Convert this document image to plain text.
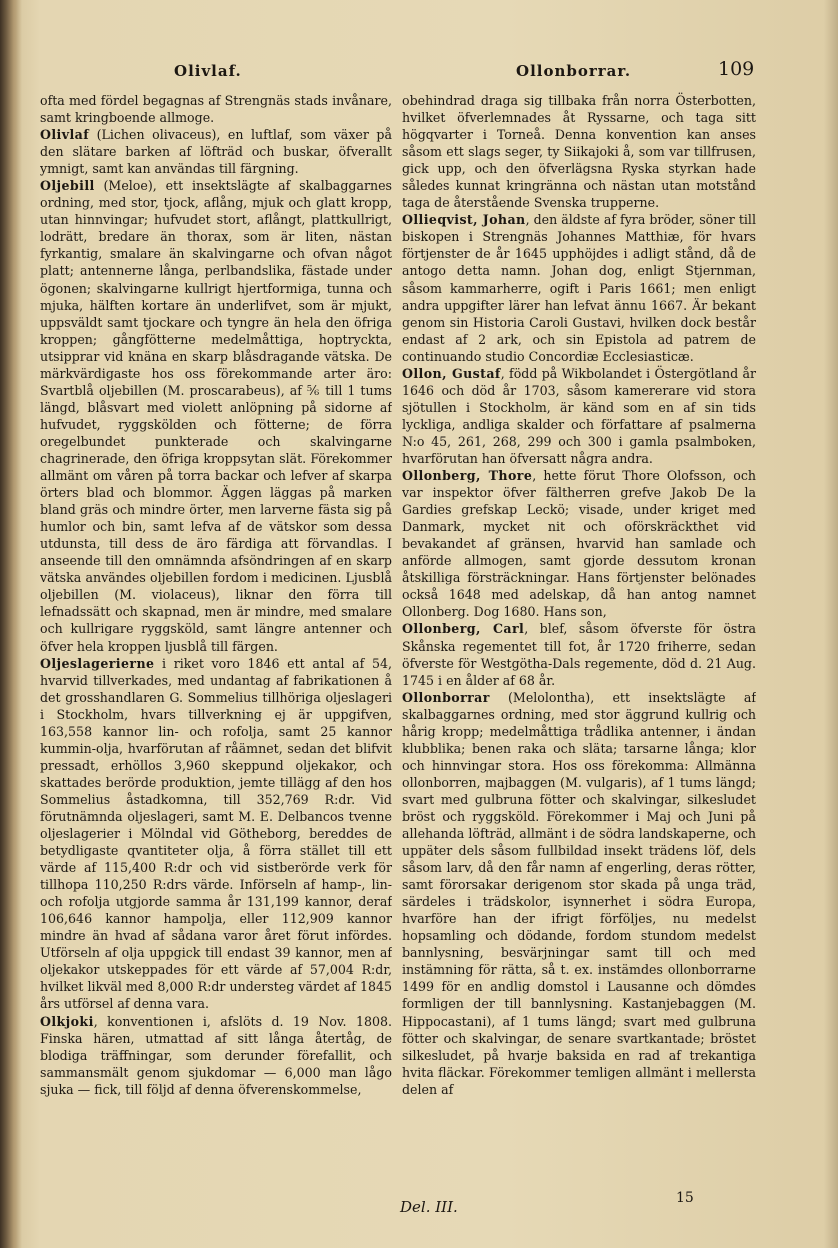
Olivlaf.	Ollonborrar.	109

ofta med fördel begagnas af Strengnäs stads invånare, samt kringboende allmoge.

Olivlaf (Lichen olivaceus), en luftlaf, som växer på den slätare barken af löfträd och buskar, öfverallt ymnigt, samt kan användas till färgning.

Oljebill (Meloe), ett insektslägte af skalbaggarnes ordning, med stor, tjock, aflång, mjuk och glatt kropp, utan hinnvingar; hufvudet stort, aflångt, plattkullrigt, lodrätt, bredare än thorax, som är liten, nästan fyrkantig, smalare än skalvingarne och ofvan något platt; antennerne långa, perlbandslika, fästade under ögonen; skalvingarne kullrigt hjertformiga, tunna och mjuka, hälften kortare än underlifvet, som är mjukt, uppsväldt samt tjockare och tyngre än hela den öfriga kroppen; gångfötterne medelmåttiga, hoptryckta, utsipprar vid knäna en skarp blåsdragande vätska. De märkvärdigaste hos oss förekommande arter äro: Svartblå oljebillen (M. proscarabeus), af ⅚ till 1 tums längd, blåsvart med violett anlöpning på sidorne af hufvudet, ryggskölden och fötterne; de förra oregelbundet punkterade och skalvingarne chagrinerade, den öfriga kroppsytan slät. Förekommer allmänt om våren på torra backar och lefver af skarpa örters blad och blommor. Äggen läggas på marken bland gräs och mindre örter, men larverne fästa sig på humlor och bin, samt lefva af de vätskor som dessa utdunsta, till dess de äro färdiga att förvandlas. I anseende till den omnämnda afsöndringen af en skarp vätska användes oljebillen fordom i medicinen. Ljusblå oljebillen (M. violaceus), liknar den förra till lefnadssätt och skapnad, men är mindre, med smalare och kullrigare ryggsköld, samt längre antenner och öfver hela kroppen ljusblå till färgen.

Oljeslagerierne i riket voro 1846 ett antal af 54, hvarvid tillverkades, med undantag af fabrikationen å det grosshandlaren G. Sommelius tillhöriga oljeslageri i Stockholm, hvars tillverkning ej är uppgifven, 163,558 kannor lin- och rofolja, samt 25 kannor kummin-olja, hvarförutan af råämnet, sedan det blifvit pressadt, erhöllos 3,960 skeppund oljekakor, och skattades berörde produktion, jemte tillägg af den hos Sommelius åstadkomna, till 352,769 R:dr. Vid förutnämnda oljeslageri, samt M. E. Delbancos tvenne oljeslagerier i Mölndal vid Götheborg, bereddes de betydligaste qvantiteter olja, å förra stället till ett värde af 115,400 R:dr och vid sistberörde verk för tillhopa 110,250 R:drs värde. Införseln af hamp-, lin- och rofolja utgjorde samma år 131,199 kannor, deraf 106,646 kannor hampolja, eller 112,909 kannor mindre än hvad af sådana varor året förut infördes. Utförseln af olja uppgick till endast 39 kannor, men af oljekakor utskeppades för ett värde af 57,004 R:dr, hvilket likväl med 8,000 R:dr understeg värdet af 1845 års utförsel af denna vara.

Olkjoki, konventionen i, afslöts d. 19 Nov. 1808. Finska hären, utmattad af sitt långa återtåg, de blodiga träffningar, som derunder förefallit, och sammansmält genom sjukdomar — 6,000 man lågo sjuka — fick, till följd af denna öfverenskommelse,

obehindrad draga sig tillbaka från norra Österbotten, hvilket öfverlemnades åt Ryssarne, och taga sitt högqvarter i Torneå. Denna konvention kan anses såsom ett slags seger, ty Siikajoki å, som var tillfrusen, gick upp, och den öfverlägsna Ryska styrkan hade således kunnat kringränna och nästan utan motstånd taga de återstående Svenska trupperne.

Ollieqvist, Johan, den äldste af fyra bröder, söner till biskopen i Strengnäs Johannes Matthiæ, för hvars förtjenster de år 1645 upphöjdes i adligt stånd, då de antogo detta namn. Johan dog, enligt Stjernman, såsom kammarherre, ogift i Paris 1661; men enligt andra uppgifter lärer han lefvat ännu 1667. Är bekant genom sin Historia Caroli Gustavi, hvilken dock består endast af 2 ark, och sin Epistola ad patrem de continuando studio Concordiæ Ecclesiasticæ.

Ollon, Gustaf, född på Wikbolandet i Östergötland år 1646 och död år 1703, såsom kamererare vid stora sjötullen i Stockholm, är känd som en af sin tids lyckliga, andliga skalder och författare af psalmerna N:o 45, 261, 268, 299 och 300 i gamla psalmboken, hvarförutan han öfversatt några andra.

Ollonberg, Thore, hette förut Thore Olofsson, och var inspektor öfver fältherren grefve Jakob De la Gardies grefskap Leckö; visade, under kriget med Danmark, mycket nit och oförskräckthet vid bevakandet af gränsen, hvarvid han samlade och anförde allmogen, samt gjorde dessutom kronan åtskilliga försträckningar. Hans förtjenster belönades också 1648 med adelskap, då han antog namnet Ollonberg. Dog 1680. Hans son,

Ollonberg, Carl, blef, såsom öfverste för östra Skånska regementet till fot, år 1720 friherre, sedan öfverste för Westgötha-Dals regemente, död d. 21 Aug. 1745 i en ålder af 68 år.

Ollonborrar (Melolontha), ett insektslägte af skalbaggarnes ordning, med stor äggrund kullrig och hårig kropp; medelmåttiga trådlika antenner, i ändan klubblika; benen raka och släta; tarsarne långa; klor och hinnvingar stora. Hos oss förekomma: Allmänna ollonborren, majbaggen (M. vulgaris), af 1 tums längd; svart med gulbruna fötter och skalvingar, silkesludet bröst och ryggsköld. Förekommer i Maj och Juni på allehanda löfträd, allmänt i de södra landskaperne, och uppäter dels såsom fullbildad insekt trädens löf, dels såsom larv, då den får namn af engerling, deras rötter, samt förorsakar derigenom stor skada på unga träd, särdeles i trädskolor, isynnerhet i södra Europa, hvarföre han der ifrigt förföljes, nu medelst hopsamling och dödande, fordom stundom medelst bannlysning, besvärjningar samt till och med instämning för rätta, så t. ex. instämdes ollonborrarne 1499 för en andlig domstol i Lausanne och dömdes formligen der till bannlysning. Kastanjebaggen (M. Hippocastani), af 1 tums längd; svart med gulbruna fötter och skalvingar, de senare svartkantade; bröstet silkesludet, på hvarje baksida en rad af trekantiga hvita fläckar. Förekommer temligen allmänt i mellersta delen af

Del. III.	15
